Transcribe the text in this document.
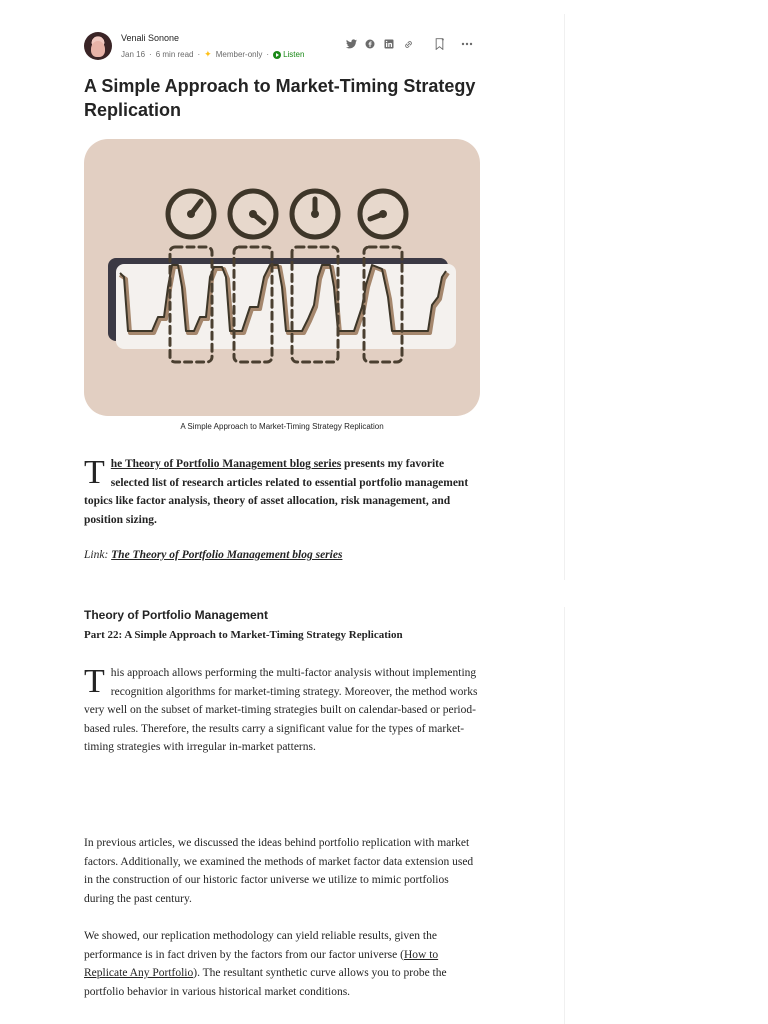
Venali Sonone
Jan 16 · 6 min read · ✦ Member-only · Listen
A Simple Approach to Market-Timing Strategy Replication
A Simple Approach to Market-Timing Strategy Replication

The Theory of Portfolio Management blog series presents my favorite selected list of research articles related to essential portfolio management topics like factor analysis, theory of asset allocation, risk management, and position sizing.

Link: The Theory of Portfolio Management blog series

Theory of Portfolio Management
Part 22: A Simple Approach to Market-Timing Strategy Replication

This approach allows performing the multi-factor analysis without implementing recognition algorithms for market-timing strategy. Moreover, the method works very well on the subset of market-timing strategies built on calendar-based or period-based rules. Therefore, the results carry a significant value for the types of market-timing strategies with irregular in-market patterns.

In previous articles, we discussed the ideas behind portfolio replication with market factors. Additionally, we examined the methods of market factor data extension used in the construction of our historic factor universe we utilize to mimic portfolios during the past century.

We showed, our replication methodology can yield reliable results, given the performance is in fact driven by the factors from our factor universe (How to Replicate Any Portfolio). The resultant synthetic curve allows you to probe the portfolio behavior in various historical market conditions.
